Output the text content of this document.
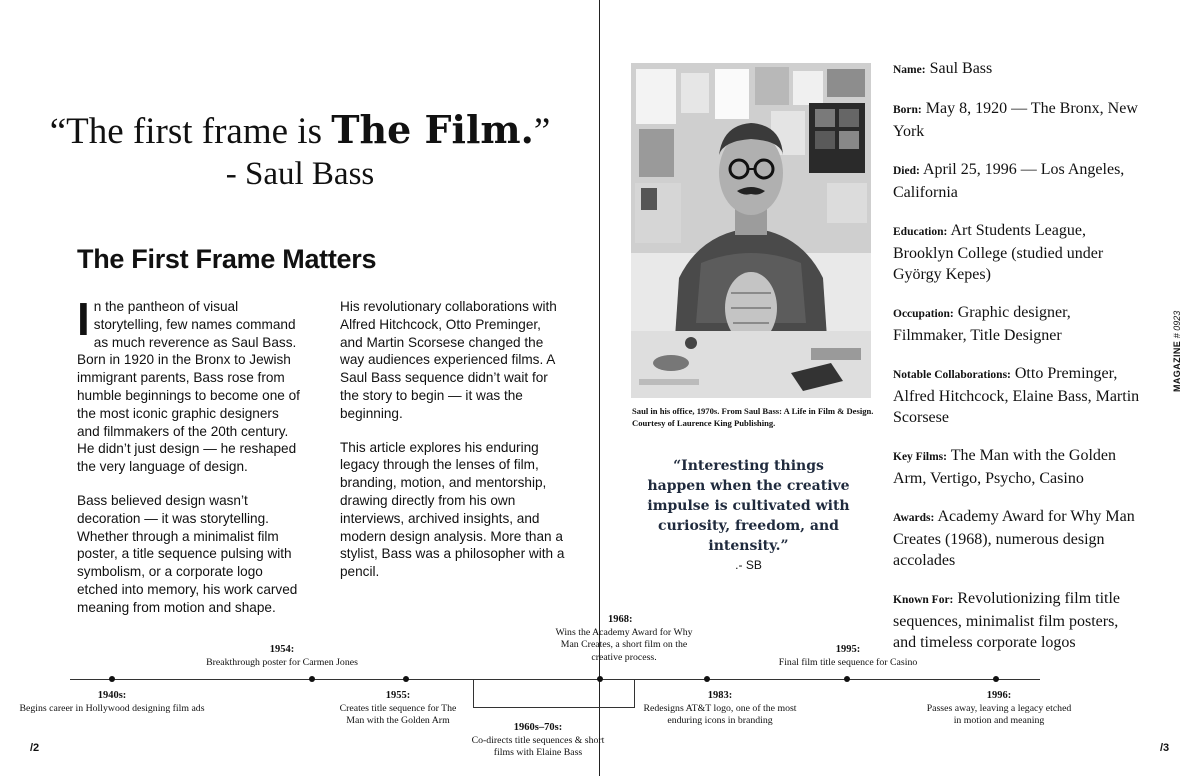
“The first frame is The Film.”
- Saul Bass
The First Frame Matters

In the pantheon of visual storytelling, few names command as much reverence as Saul Bass. Born in 1920 in the Bronx to Jewish immigrant parents, Bass rose from humble beginnings to become one of the most iconic graphic designers and filmmakers of the 20th century. He didn’t just design — he reshaped the very language of design.

Bass believed design wasn’t decoration — it was storytelling. Whether through a minimalist film poster, a title sequence pulsing with symbolism, or a corporate logo etched into memory, his work carved meaning from motion and shape.

His revolutionary collaborations with Alfred Hitchcock, Otto Preminger, and Martin Scorsese changed the way audiences experienced films. A Saul Bass sequence didn’t wait for the story to begin — it was the beginning.

This article explores his enduring legacy through the lenses of film, branding, motion, and mentorship, drawing directly from his own interviews, archived insights, and modern design analysis. More than a stylist, Bass was a philosopher with a pencil.

Saul in his office, 1970s. From Saul Bass: A Life in Film & Design. Courtesy of Laurence King Publishing.
“Interesting things happen when the creative impulse is cultivated with curiosity, freedom, and intensity.”
.- SB
Name: Saul Bass
Born: May 8, 1920 — The Bronx, New York
Died: April 25, 1996 — Los Angeles, California
Education: Art Students League, Brooklyn College (studied under György Kepes)
Occupation: Graphic designer, Filmmaker, Title Designer
Notable Collaborations: Otto Preminger, Alfred Hitchcock, Elaine Bass, Martin Scorsese
Key Films: The Man with the Golden Arm, Vertigo, Psycho, Casino
Awards: Academy Award for Why Man Creates (1968), numerous design accolades
Known For: Revolutionizing film title sequences, minimalist film posters, and timeless corporate logos
MAGAZINE # 0923
1940s:
Begins career in Hollywood designing film ads
1954:
Breakthrough poster for Carmen Jones
1955:
Creates title sequence for The Man with the Golden Arm
1960s–70s:
Co-directs title sequences & short films with Elaine Bass
1968:
Wins the Academy Award for Why Man Creates, a short film on the creative process.
1983:
Redesigns AT&T logo, one of the most enduring icons in branding
1995:
Final film title sequence for Casino
1996:
Passes away, leaving a legacy etched in motion and meaning
/2	/3
